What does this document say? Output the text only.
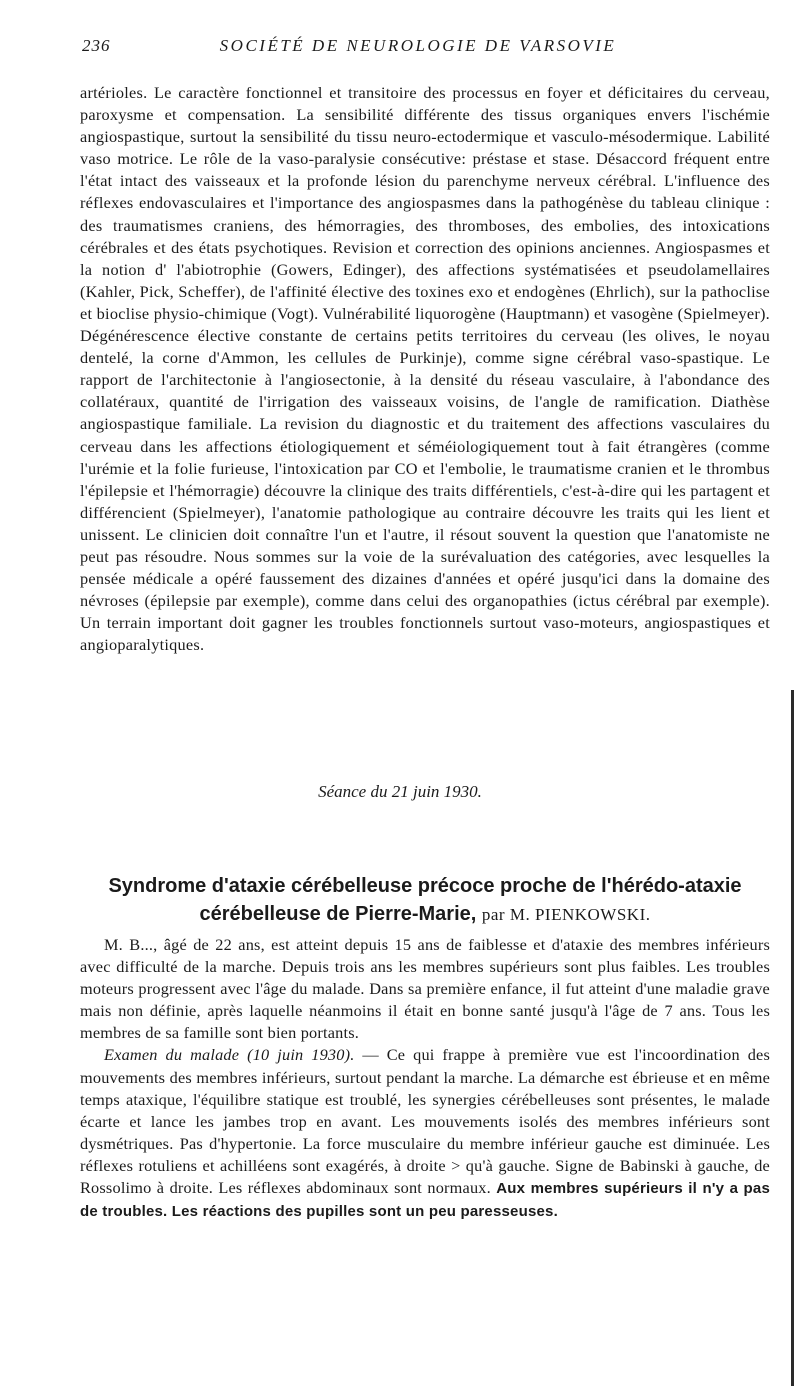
236	SOCIÉTÉ DE NEUROLOGIE DE VARSOVIE

artérioles. Le caractère fonctionnel et transitoire des processus en foyer et déficitaires du cerveau, paroxysme et compensation. La sensibilité différente des tissus organiques envers l'ischémie angiospastique, surtout la sensibilité du tissu neuro-ectodermique et vasculo-mésodermique. Labilité vaso motrice. Le rôle de la vaso-paralysie consécutive: préstase et stase. Désaccord fréquent entre l'état intact des vaisseaux et la profonde lésion du parenchyme nerveux cérébral. L'influence des réflexes endovasculaires et l'importance des angiospasmes dans la pathogénèse du tableau clinique : des traumatismes craniens, des hémorragies, des thromboses, des embolies, des intoxications cérébrales et des états psychotiques. Revision et correction des opinions anciennes. Angiospasmes et la notion d' l'abiotrophie (Gowers, Edinger), des affections systématisées et pseudolamellaires (Kahler, Pick, Scheffer), de l'affinité élective des toxines exo et endogènes (Ehrlich), sur la pathoclise et bioclise physio-chimique (Vogt). Vulnérabilité liquorogène (Hauptmann) et vasogène (Spielmeyer). Dégénérescence élective constante de certains petits territoires du cerveau (les olives, le noyau dentelé, la corne d'Ammon, les cellules de Purkinje), comme signe cérébral vaso-spastique. Le rapport de l'architectonie à l'angiosectonie, à la densité du réseau vasculaire, à l'abondance des collatéraux, quantité de l'irrigation des vaisseaux voisins, de l'angle de ramification. Diathèse angiospastique familiale. La revision du diagnostic et du traitement des affections vasculaires du cerveau dans les affections étiologiquement et séméiologiquement tout à fait étrangères (comme l'urémie et la folie furieuse, l'intoxication par CO et l'embolie, le traumatisme cranien et le thrombus l'épilepsie et l'hémorragie) découvre la clinique des traits différentiels, c'est-à-dire qui les partagent et différencient (Spielmeyer), l'anatomie pathologique au contraire découvre les traits qui les lient et unissent. Le clinicien doit connaître l'un et l'autre, il résout souvent la question que l'anatomiste ne peut pas résoudre. Nous sommes sur la voie de la surévaluation des catégories, avec lesquelles la pensée médicale a opéré faussement des dizaines d'années et opéré jusqu'ici dans la domaine des névroses (épilepsie par exemple), comme dans celui des organopathies (ictus cérébral par exemple). Un terrain important doit gagner les troubles fonctionnels surtout vaso-moteurs, angiospastiques et angioparalytiques.

Séance du 21 juin 1930.
Syndrome d'ataxie cérébelleuse précoce proche de l'hérédo-ataxie cérébelleuse de Pierre-Marie, par M. PIENKOWSKI.

M. B..., âgé de 22 ans, est atteint depuis 15 ans de faiblesse et d'ataxie des membres inférieurs avec difficulté de la marche. Depuis trois ans les membres supérieurs sont plus faibles. Les troubles moteurs progressent avec l'âge du malade. Dans sa première enfance, il fut atteint d'une maladie grave mais non définie, après laquelle néanmoins il était en bonne santé jusqu'à l'âge de 7 ans. Tous les membres de sa famille sont bien portants.

Examen du malade (10 juin 1930). — Ce qui frappe à première vue est l'incoordination des mouvements des membres inférieurs, surtout pendant la marche. La démarche est ébrieuse et en même temps ataxique, l'équilibre statique est troublé, les synergies cérébelleuses sont présentes, le malade écarte et lance les jambes trop en avant. Les mouvements isolés des membres inférieurs sont dysmétriques. Pas d'hypertonie. La force musculaire du membre inférieur gauche est diminuée. Les réflexes rotuliens et achilléens sont exagérés, à droite > qu'à gauche. Signe de Babinski à gauche, de Rossolimo à droite. Les réflexes abdominaux sont normaux. Aux membres supérieurs il n'y a pas de troubles. Les réactions des pupilles sont un peu paresseuses.
